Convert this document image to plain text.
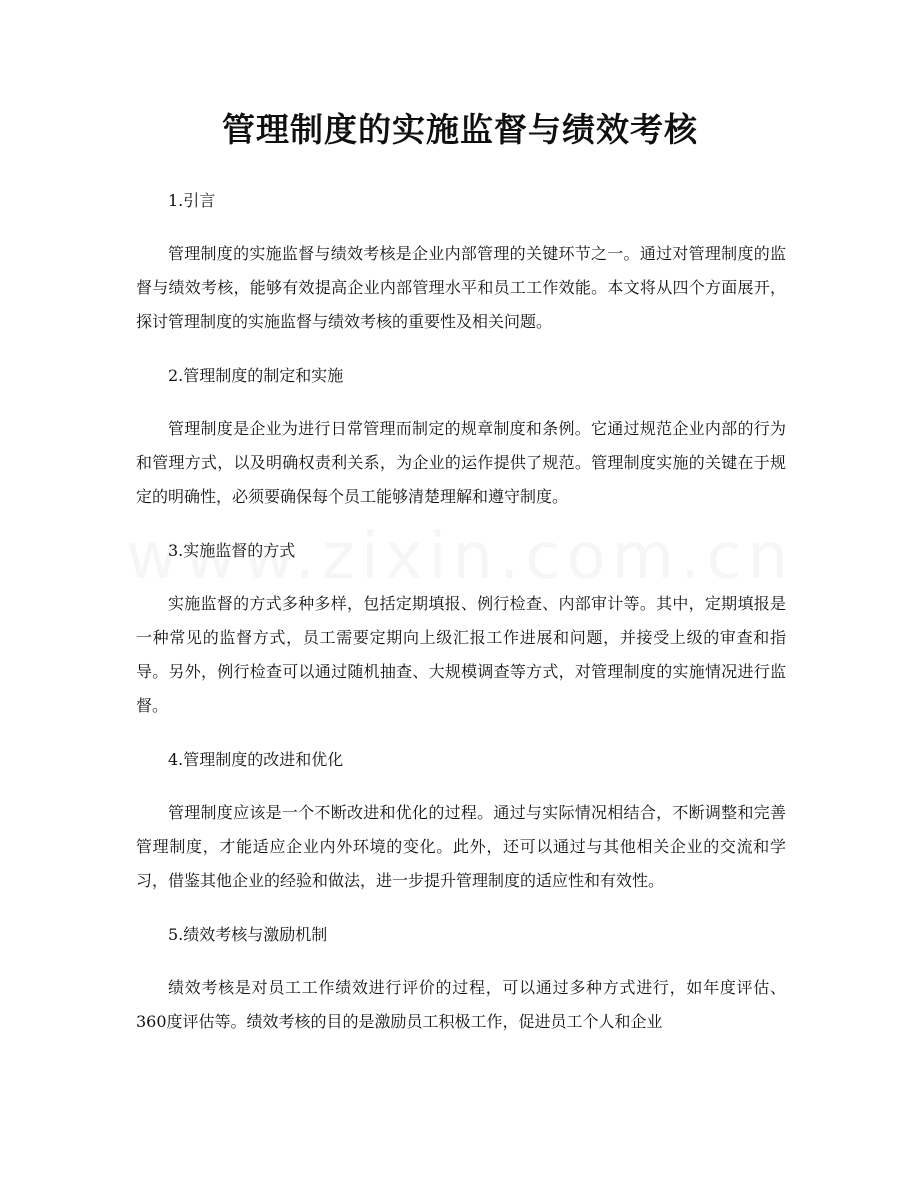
管理制度的实施监督与绩效考核

1.引言

管理制度的实施监督与绩效考核是企业内部管理的关键环节之一。通过对管理制度的监督与绩效考核，能够有效提高企业内部管理水平和员工工作效能。本文将从四个方面展开，探讨管理制度的实施监督与绩效考核的重要性及相关问题。

2.管理制度的制定和实施

管理制度是企业为进行日常管理而制定的规章制度和条例。它通过规范企业内部的行为和管理方式，以及明确权责利关系，为企业的运作提供了规范。管理制度实施的关键在于规定的明确性，必须要确保每个员工能够清楚理解和遵守制度。

3.实施监督的方式

实施监督的方式多种多样，包括定期填报、例行检查、内部审计等。其中，定期填报是一种常见的监督方式，员工需要定期向上级汇报工作进展和问题，并接受上级的审查和指导。另外，例行检查可以通过随机抽查、大规模调查等方式，对管理制度的实施情况进行监督。

4.管理制度的改进和优化

管理制度应该是一个不断改进和优化的过程。通过与实际情况相结合，不断调整和完善管理制度，才能适应企业内外环境的变化。此外，还可以通过与其他相关企业的交流和学习，借鉴其他企业的经验和做法，进一步提升管理制度的适应性和有效性。

5.绩效考核与激励机制

绩效考核是对员工工作绩效进行评价的过程，可以通过多种方式进行，如年度评估、360度评估等。绩效考核的目的是激励员工积极工作，促进员工个人和企业
